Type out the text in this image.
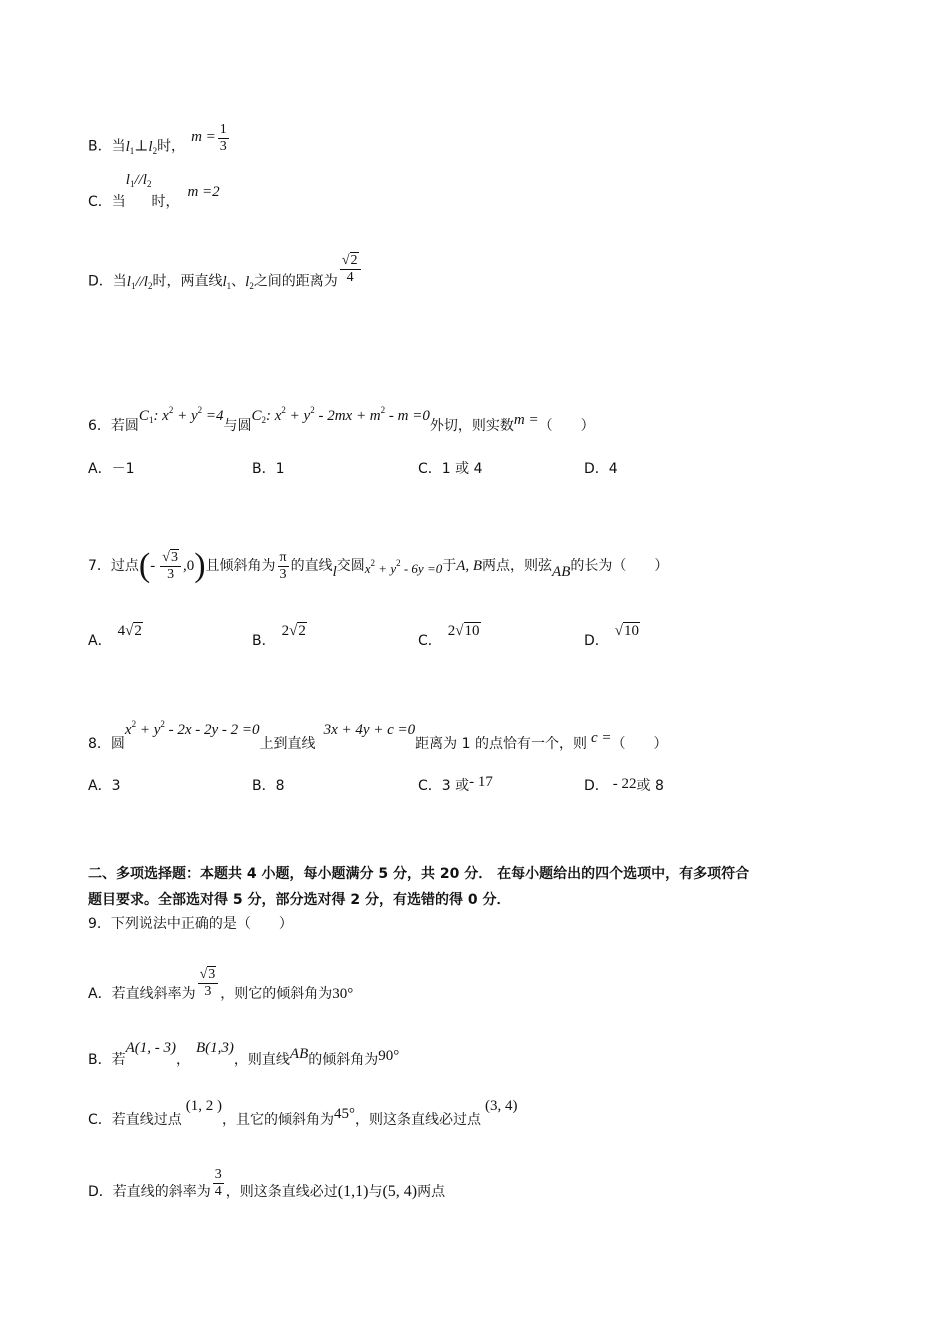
B．当$l_1\perp l_2$时，$m = \frac{1}{3}$
C．当$l_1//l_2$时，m =2
D．当$l_1//l_2$时，两直线$l_1$、$l_2$之间的距离为 $\frac{√2}{4}$
6．若圆$C_1$: $x^2 + y^2 =4$与圆$C_2$: $x^2 + y^2 - 2mx + m^2 - m =0$外切，则实数m =（　　）
A．－1	B．1	C．1 或 4	D．4
7． 过点 ( - $\frac{√3}{3} ,0$ ) 且倾斜角为 $\frac{\pi}{3}$ 的直线 l 交圆 $x^2 + y^2 - 6y =0$ 于 A, B 两点，则弦 AB 的长为（　　）
A．4√2
B．2√2
C．2√10
D．√10
8．圆$x^2 + y^2 - 2x - 2y - 2 =0$上到直线3x + 4y + c =0距离为 1 的点恰有一个，则 c =（　　）
A．3	B．8	C．3 或- 17	D． - 22或 8
二、多项选择题：本题共 4 小题，每小题满分 5 分，共 20 分． 在每小题给出的四个选项中，有多项符合
题目要求。全部选对得 5 分，部分选对得 2 分，有选错的得 0 分．
9．下列说法中正确的是（　　）
A． 若直线斜率为 $\frac{√3}{3}$ ，则它的倾斜角为 30°
B．若A(1, - 3)，B(1,3)，则直线AB的倾斜角为90°
C．若直线过点(1, 2 )，且它的倾斜角为45°，则这条直线必过点(3, 4)
D． 若直线的斜率为 $\frac{3}{4}$ ，则这条直线必过 (1,1) 与 (5, 4) 两点
